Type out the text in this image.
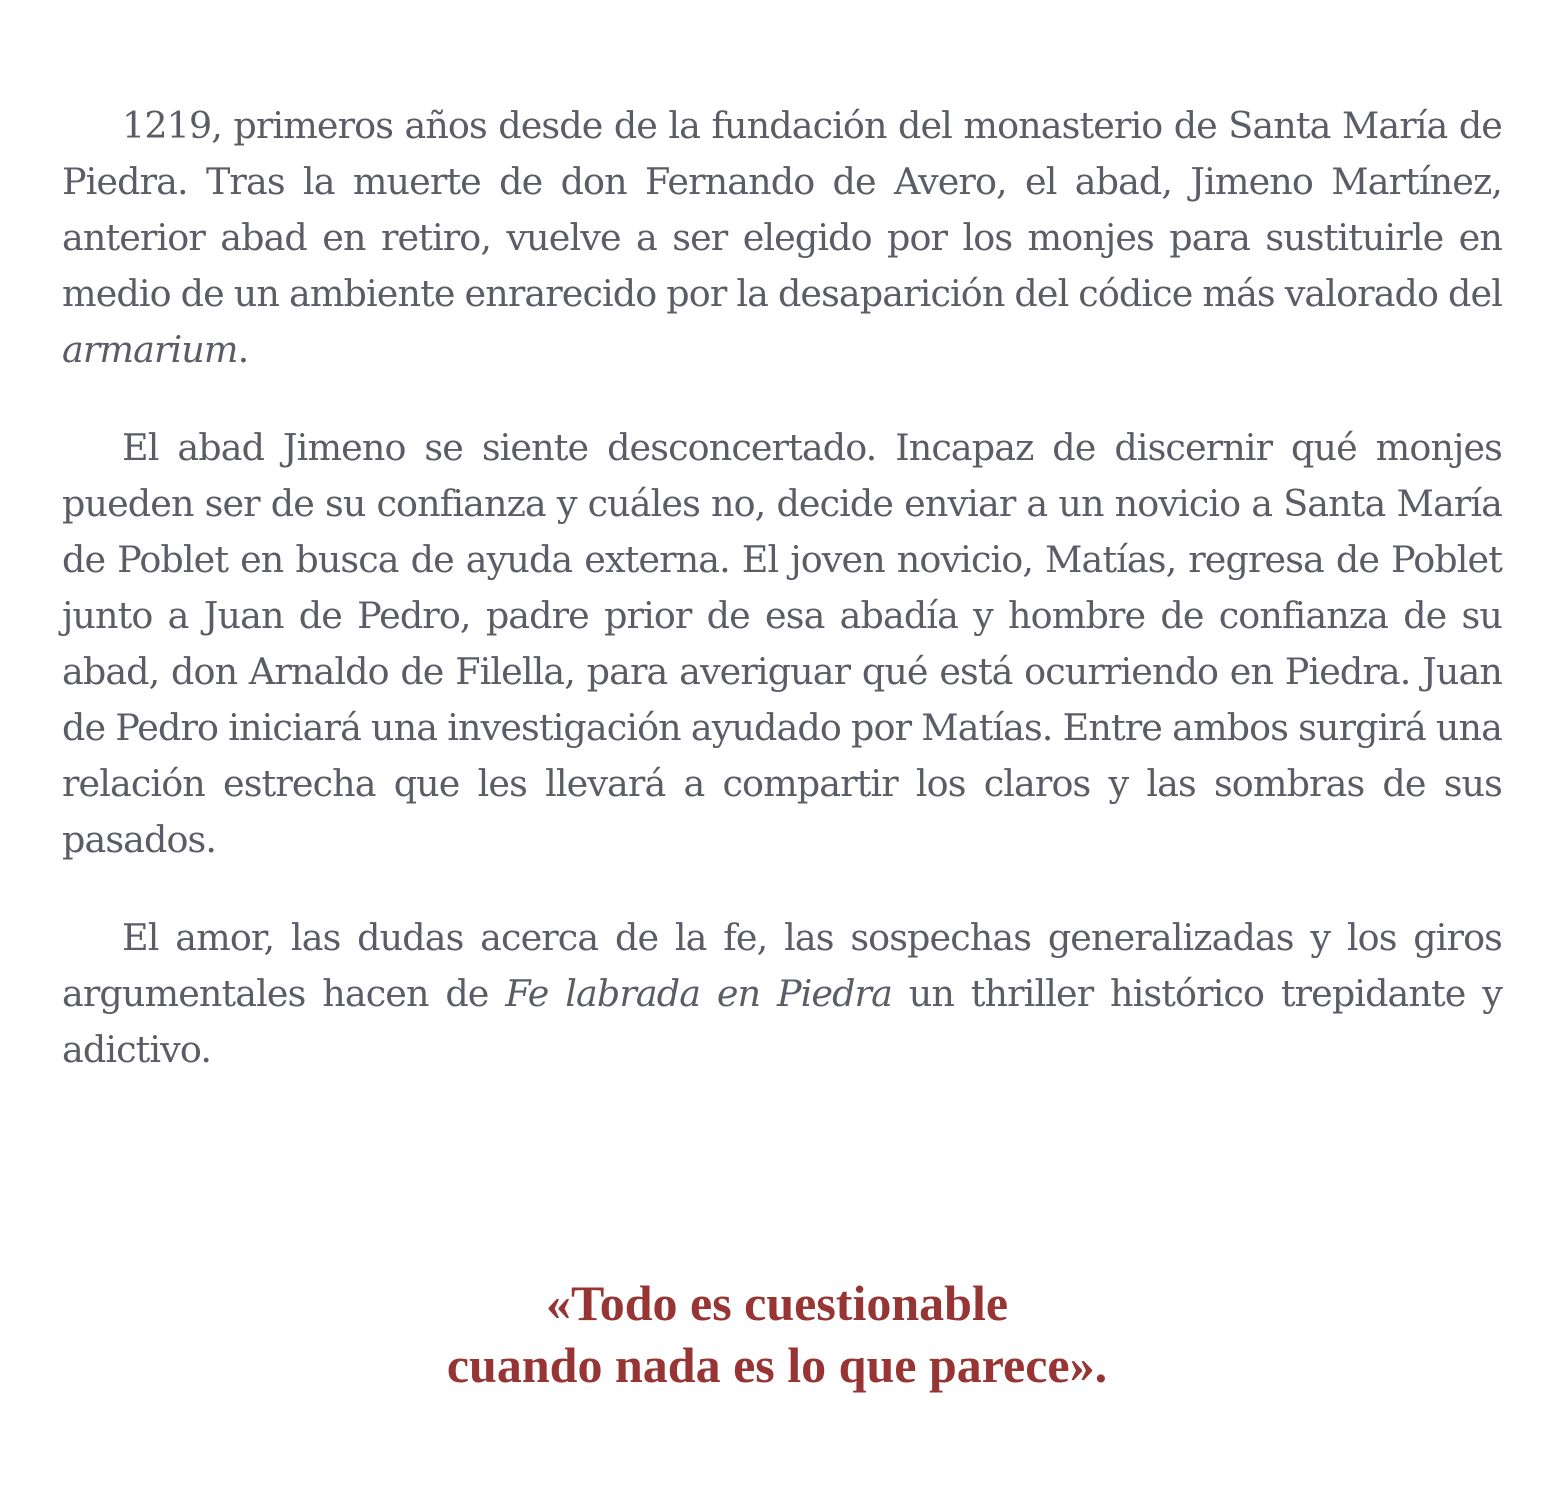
1219, primeros años desde de la fundación del monasterio de Santa María de Piedra. Tras la muerte de don Fernando de Avero, el abad, Jimeno Martínez, anterior abad en retiro, vuelve a ser elegido por los monjes para sustituirle en medio de un ambiente enrarecido por la desaparición del códice más valorado del armarium.

El abad Jimeno se siente desconcertado. Incapaz de discernir qué monjes pueden ser de su confianza y cuáles no, decide enviar a un novicio a Santa María de Poblet en busca de ayuda externa. El joven novicio, Matías, regresa de Poblet junto a Juan de Pedro, padre prior de esa abadía y hombre de confianza de su abad, don Arnaldo de Filella, para averiguar qué está ocurriendo en Piedra. Juan de Pedro iniciará una investigación ayudado por Matías. Entre ambos surgirá una relación estrecha que les llevará a compartir los claros y las sombras de sus pasados.

El amor, las dudas acerca de la fe, las sospechas generalizadas y los giros argumentales hacen de Fe labrada en Piedra un thriller histórico trepidante y adictivo.

«Todo es cuestionable
cuando nada es lo que parece».
